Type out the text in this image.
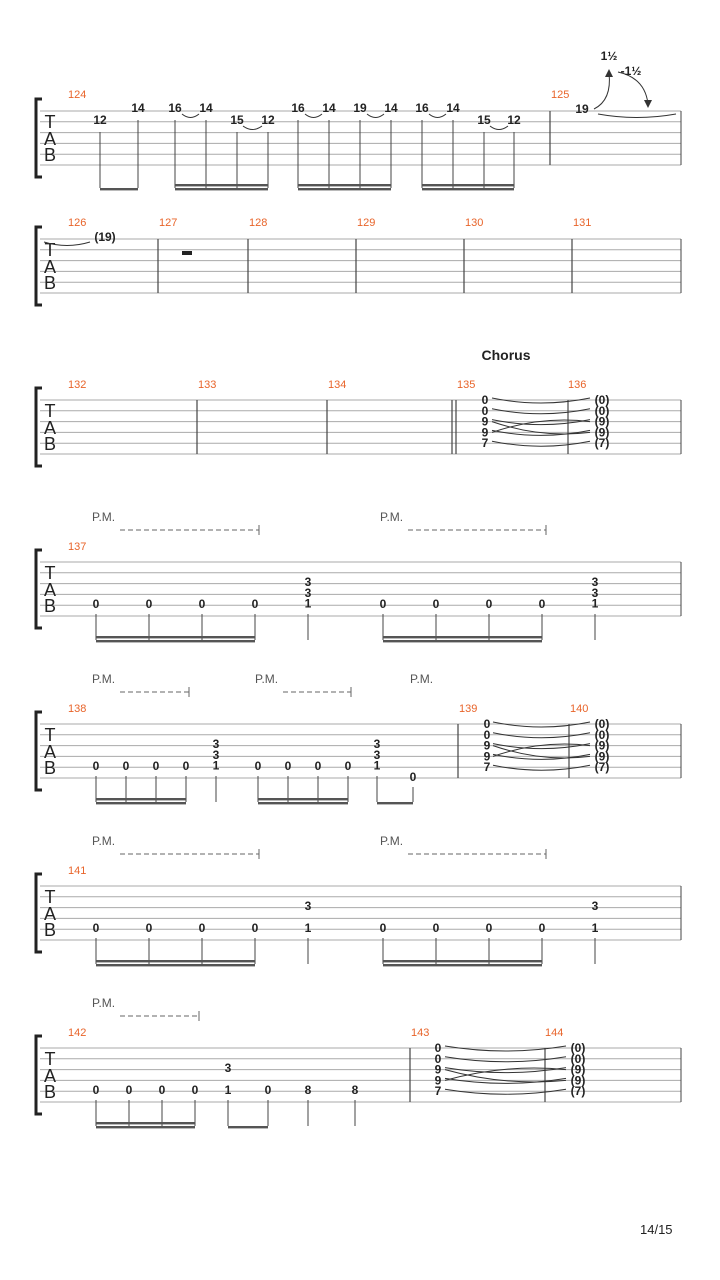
T
A
B
124	125
12
14 16 14
15 12
16 14 19 14 16 14
15 12
19
1½
-1½
T
A
B
126	127	128	129	130	131
(19)
T
A
B
Chorus
132	133	134	135	136
0
0
9
9
7
(0)
(0)
(9)
(9)
(7)
T
A
B
137
P.M.	P.M.
0	0	0	0	0	0	0	0
3
3
1
3
3
1
T
A
B
138	139	140
P.M.	P.M.	P.M.
0 0 0 0	0 0 0 0
3
3
1
3
3
1
0
0
0
9
9
7
(0)
(0)
(9)
(9)
(7)
T
A
B
141
P.M.	P.M.
0	0	0	0	0	0	0	0
3
1
3
1
T
A
B
142	143	144
P.M.
0 0 0 0
3
1	0	8	8
0
0
9
9
7
(0)
(0)
(9)
(9)
(7)
14/15
